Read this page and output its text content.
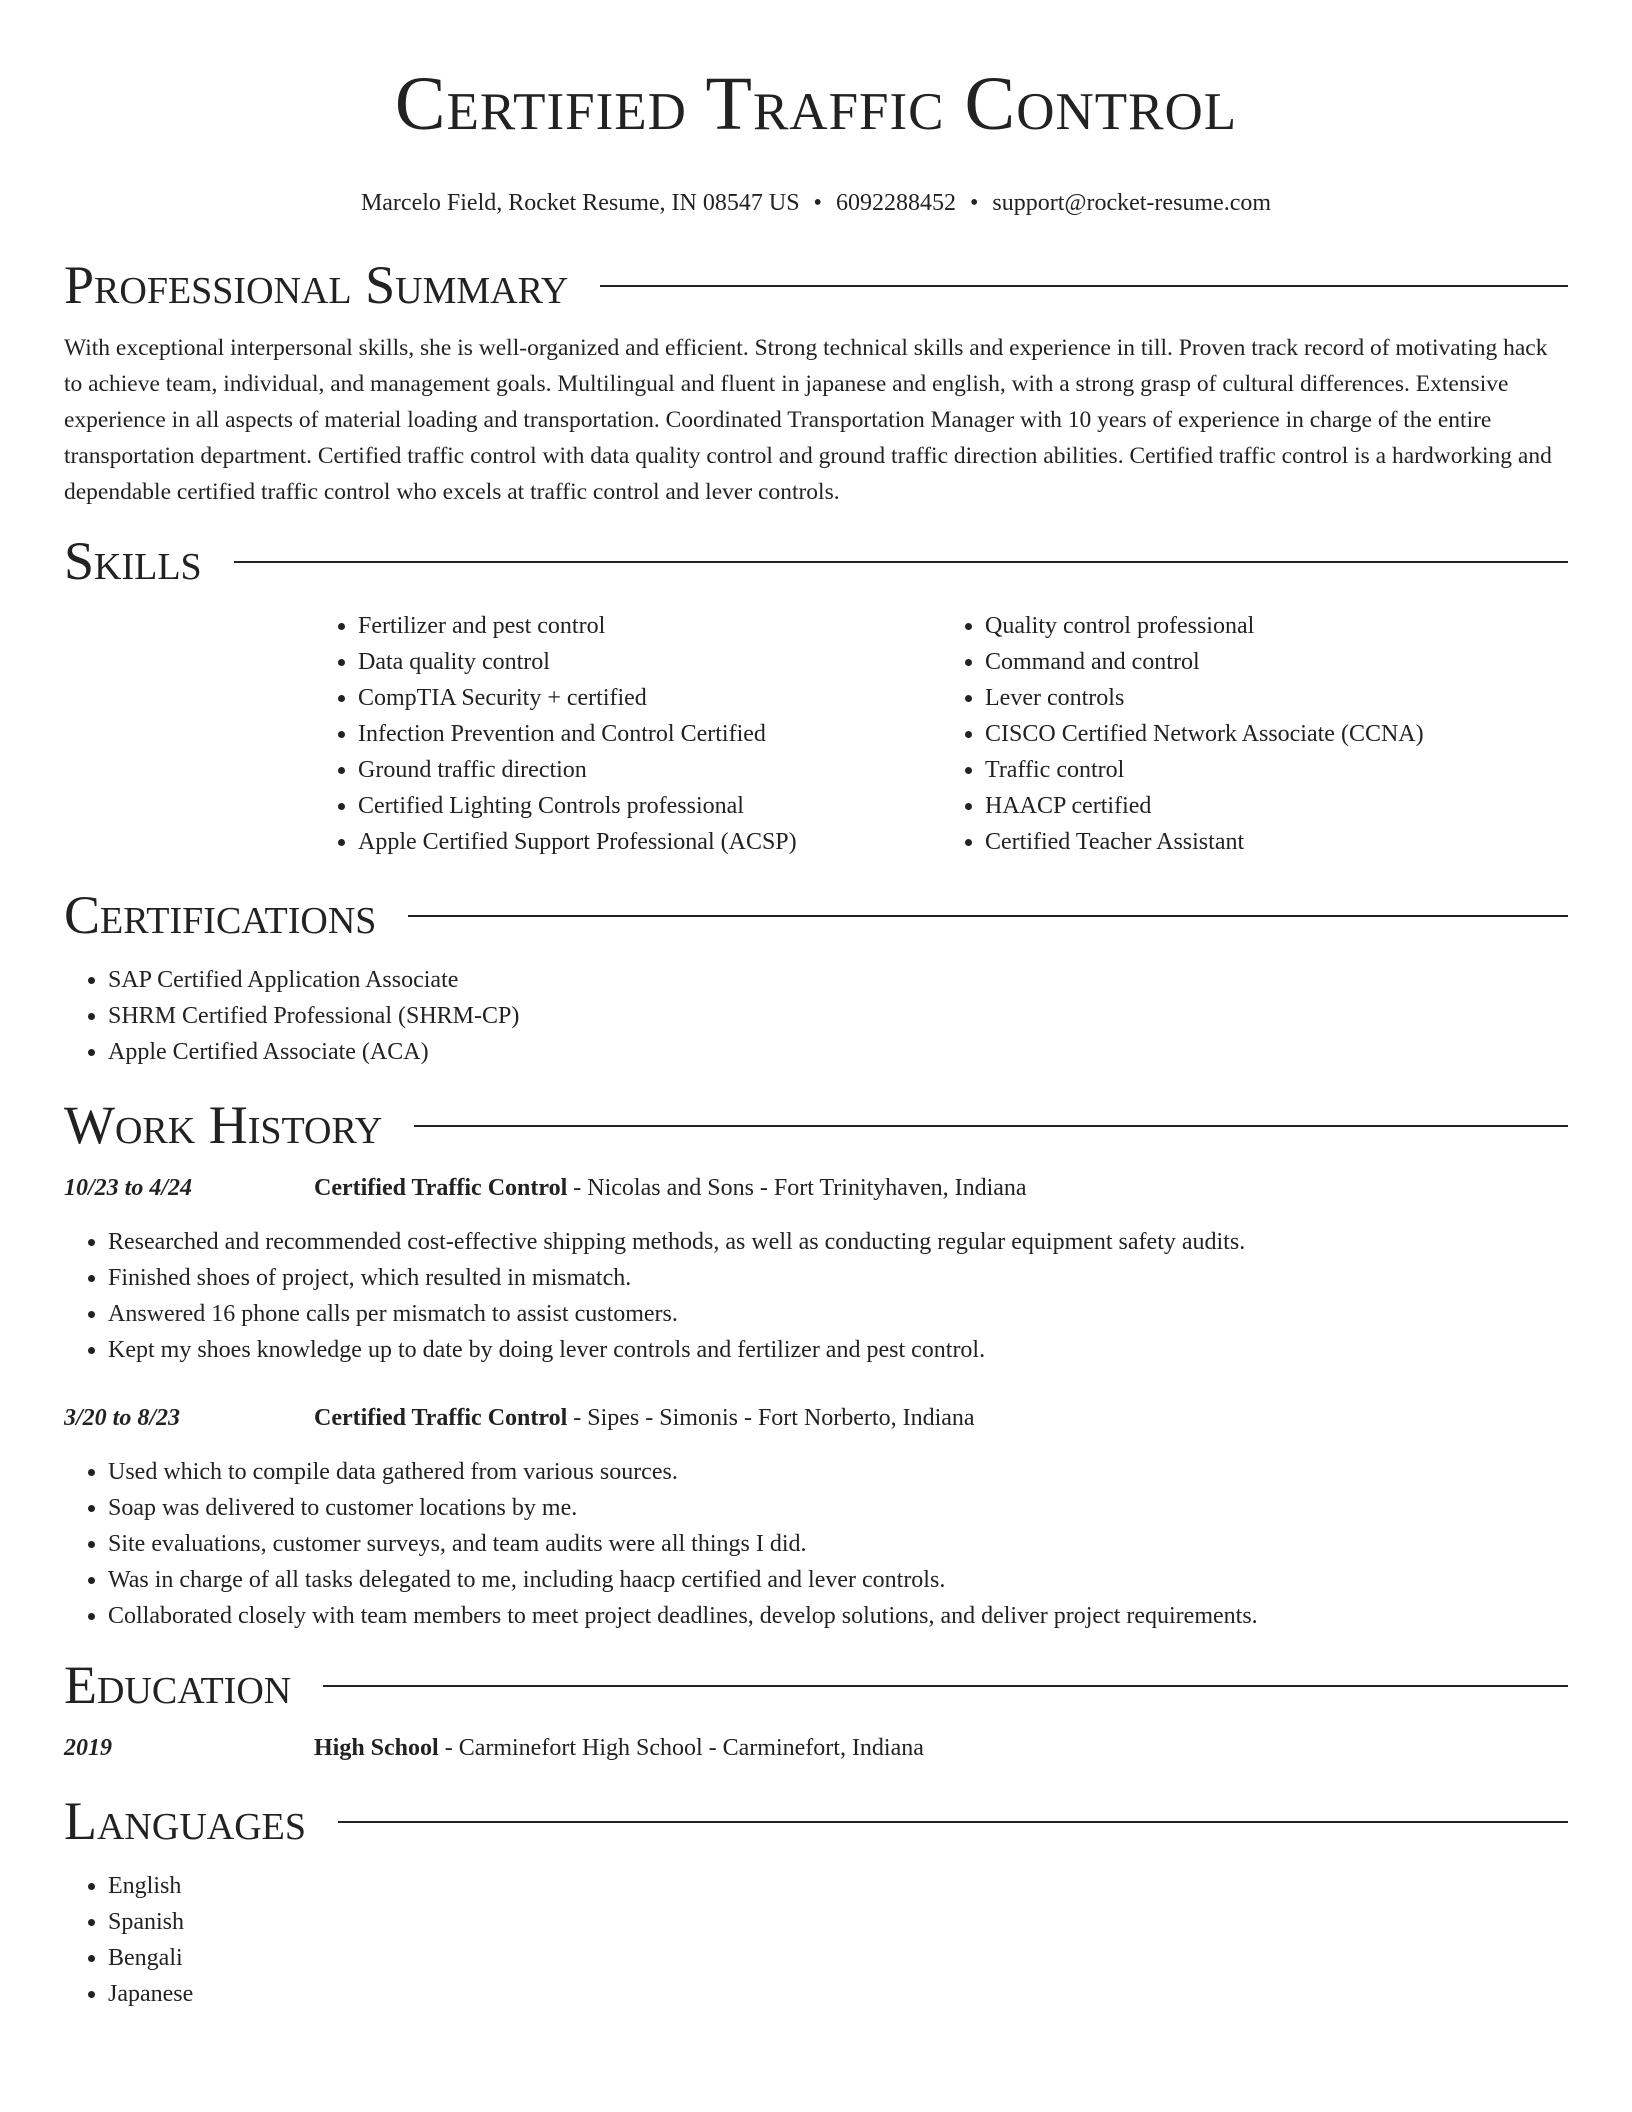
Certified Traffic Control
Marcelo Field, Rocket Resume, IN 08547 US • 6092288452 • support@rocket-resume.com
Professional Summary

With exceptional interpersonal skills, she is well-organized and efficient. Strong technical skills and experience in till. Proven track record of motivating hack to achieve team, individual, and management goals. Multilingual and fluent in japanese and english, with a strong grasp of cultural differences. Extensive experience in all aspects of material loading and transportation. Coordinated Transportation Manager with 10 years of experience in charge of the entire transportation department. Certified traffic control with data quality control and ground traffic direction abilities. Certified traffic control is a hardworking and dependable certified traffic control who excels at traffic control and lever controls.

Skills
• Fertilizer and pest control
• Data quality control
• CompTIA Security + certified
• Infection Prevention and Control Certified
• Ground traffic direction
• Certified Lighting Controls professional
• Apple Certified Support Professional (ACSP)
• Quality control professional
• Command and control
• Lever controls
• CISCO Certified Network Associate (CCNA)
• Traffic control
• HAACP certified
• Certified Teacher Assistant
Certifications
• SAP Certified Application Associate
• SHRM Certified Professional (SHRM-CP)
• Apple Certified Associate (ACA)
Work History
10/23 to 4/24	Certified Traffic Control - Nicolas and Sons - Fort Trinityhaven, Indiana
• Researched and recommended cost-effective shipping methods, as well as conducting regular equipment safety audits.
• Finished shoes of project, which resulted in mismatch.
• Answered 16 phone calls per mismatch to assist customers.
• Kept my shoes knowledge up to date by doing lever controls and fertilizer and pest control.
3/20 to 8/23	Certified Traffic Control - Sipes - Simonis - Fort Norberto, Indiana
• Used which to compile data gathered from various sources.
• Soap was delivered to customer locations by me.
• Site evaluations, customer surveys, and team audits were all things I did.
• Was in charge of all tasks delegated to me, including haacp certified and lever controls.
• Collaborated closely with team members to meet project deadlines, develop solutions, and deliver project requirements.
Education
2019	High School - Carminefort High School - Carminefort, Indiana
Languages
• English
• Spanish
• Bengali
• Japanese
